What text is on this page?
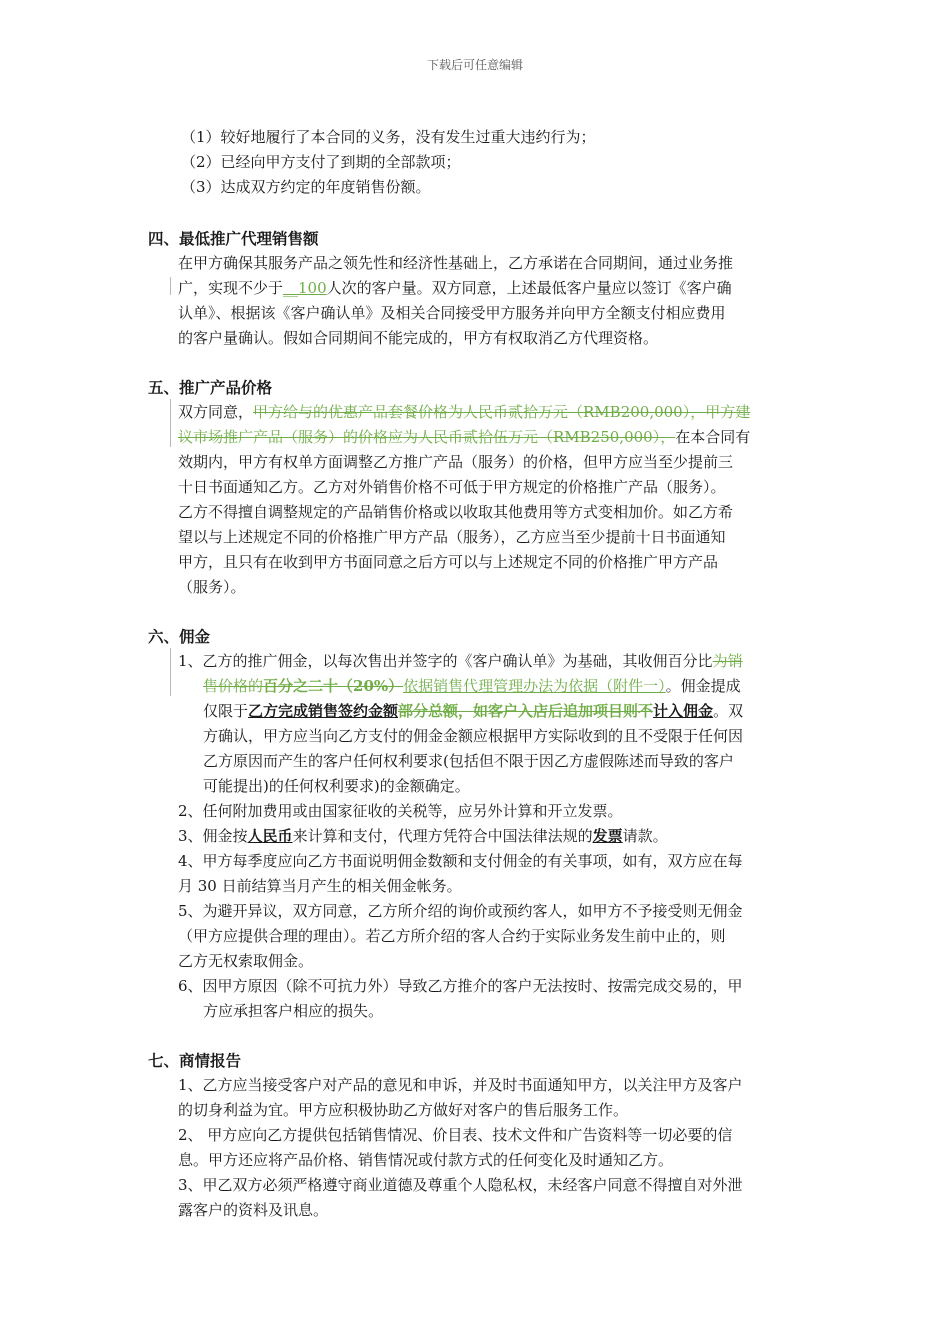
下载后可任意编辑
（1）较好地履行了本合同的义务，没有发生过重大违约行为；
（2）已经向甲方支付了到期的全部款项；
（3）达成双方约定的年度销售份额。
四、最低推广代理销售额
在甲方确保其服务产品之领先性和经济性基础上，乙方承诺在合同期间，通过业务推
广，实现不少于__100人次的客户量。双方同意，上述最低客户量应以签订《客户确
认单》、根据该《客户确认单》及相关合同接受甲方服务并向甲方全额支付相应费用
的客户量确认。假如合同期间不能完成的，甲方有权取消乙方代理资格。
五、推广产品价格
双方同意，甲方给与的优惠产品套餐价格为人民币贰拾万元（RMB200,000），甲方建
议市场推广产品（服务）的价格应为人民币贰拾伍万元（RMB250,000），在本合同有
效期内，甲方有权单方面调整乙方推广产品（服务）的价格，但甲方应当至少提前三
十日书面通知乙方。乙方对外销售价格不可低于甲方规定的价格推广产品（服务）。
乙方不得擅自调整规定的产品销售价格或以收取其他费用等方式变相加价。如乙方希
望以与上述规定不同的价格推广甲方产品（服务），乙方应当至少提前十日书面通知
甲方，且只有在收到甲方书面同意之后方可以与上述规定不同的价格推广甲方产品
（服务）。
六、佣金
1、乙方的推广佣金，以每次售出并签字的《客户确认单》为基础，其收佣百分比为销
售价格的百分之二十（20%）依据销售代理管理办法为依据（附件一）。佣金提成
仅限于乙方完成销售签约金额部分总额，如客户入店后追加项目则不计入佣金。双
方确认，甲方应当向乙方支付的佣金金额应根据甲方实际收到的且不受限于任何因
乙方原因而产生的客户任何权利要求(包括但不限于因乙方虚假陈述而导致的客户
可能提出)的任何权利要求)的金额确定。
2、任何附加费用或由国家征收的关税等，应另外计算和开立发票。
3、佣金按人民币来计算和支付，代理方凭符合中国法律法规的发票请款。
4、甲方每季度应向乙方书面说明佣金数额和支付佣金的有关事项，如有，双方应在每
月 30 日前结算当月产生的相关佣金帐务。
5、为避开异议，双方同意，乙方所介绍的询价或预约客人，如甲方不予接受则无佣金
（甲方应提供合理的理由）。若乙方所介绍的客人合约于实际业务发生前中止的，则
乙方无权索取佣金。
6、因甲方原因（除不可抗力外）导致乙方推介的客户无法按时、按需完成交易的，甲
方应承担客户相应的损失。
七、商情报告
1、乙方应当接受客户对产品的意见和申诉，并及时书面通知甲方，以关注甲方及客户
的切身利益为宜。甲方应积极协助乙方做好对客户的售后服务工作。
2、 甲方应向乙方提供包括销售情况、价目表、技术文件和广告资料等一切必要的信
息。甲方还应将产品价格、销售情况或付款方式的任何变化及时通知乙方。
3、甲乙双方必须严格遵守商业道德及尊重个人隐私权，未经客户同意不得擅自对外泄
露客户的资料及讯息。
